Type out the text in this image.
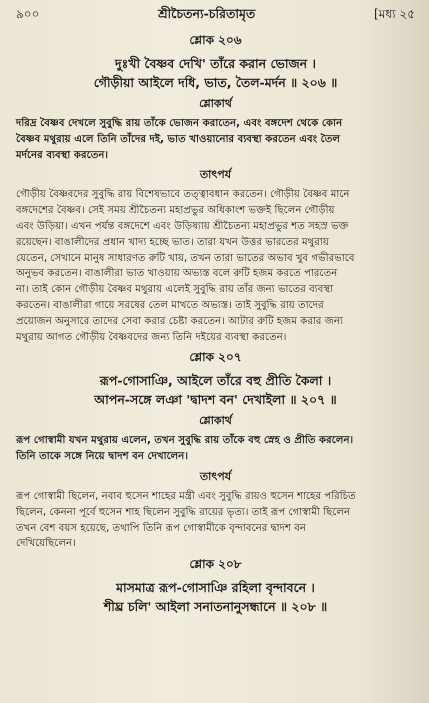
৯০০	শ্রীচৈতন্য-চরিতামৃত	[মধ্য ২৫
শ্লোক ২০৬
দুঃখী বৈষ্ণব দেখি' তাঁরে করান ভোজন ।
গৌড়ীয়া আইলে দধি, ভাত, তৈল-মর্দন ॥ ২০৬ ॥
শ্লোকার্থ
দরিদ্র বৈষ্ণব দেখলে সুবুদ্ধি রায় তাঁকে ভোজন করাতেন, এবং বঙ্গদেশ থেকে কোন
বৈষ্ণব মথুরায় এলে তিনি তাঁদের দই, ভাত খাওয়ানোর ব্যবস্থা করতেন এবং তৈল
মর্দনের ব্যবস্থা করতেন।
তাৎপর্য
গৌড়ীয় বৈষ্ণবদের সুবুদ্ধি রায় বিশেষভাবে তত্ত্বাবধান করতেন। গৌড়ীয় বৈষ্ণব মানে
বঙ্গদেশের বৈষ্ণব। সেই সময় শ্রীচৈতন্য মহাপ্রভুর অধিকাংশ ভক্তই ছিলেন গৌড়ীয়
এবং উড়িয়া। এখন পর্যন্ত বঙ্গদেশে এবং উড়িষ্যায় শ্রীচৈতন্য মহাপ্রভুর শত সহস্র ভক্ত
রয়েছেন। বাঙালীদের প্রধান খাদ্য হচ্ছে ভাত। তারা যখন উত্তর ভারতের মথুরায়
যেতেন, সেখানে মানুষ সাধারণত রুটি খায়, তখন তারা ভাতের অভাব খুব গভীরভাবে
অনুভব করতেন। বাঙালীরা ভাত খাওয়ায় অভ্যস্ত বলে রুটি হজম করতে পারতেন
না। তাই কোন গৌড়ীয় বৈষ্ণব মথুরায় এলেই সুবুদ্ধি রায় তাঁর জন্য ভাতের ব্যবস্থা
করতেন। বাঙালীরা গায়ে সরষের তেল মাখতে অভ্যস্ত। তাই সুবুদ্ধি রায় তাদের
প্রয়োজন অনুসারে তাদের সেবা করার চেষ্টা করতেন। আটার রুটি হজম করার জন্য
মথুরায় আগত গৌড়ীয় বৈষ্ণবদের জন্য তিনি দইয়ের ব্যবস্থা করতেন।
শ্লোক ২০৭
রূপ-গোসাঞি, আইলে তাঁরে বহু প্রীতি কৈলা ।
আপন-সঙ্গে লঞা 'দ্বাদশ বন' দেখাইলা ॥ ২০৭ ॥
শ্লোকার্থ
রূপ গোস্বামী যখন মথুরায় এলেন, তখন সুবুদ্ধি রায় তাঁকে বহু স্নেহ ও প্রীতি করলেন।
তিনি তাকে সঙ্গে নিয়ে দ্বাদশ বন দেখালেন।
তাৎপর্য
রূপ গোস্বামী ছিলেন, নবাব হুসেন শাহের মন্ত্রী এবং সুবুদ্ধি রায়ও হুসেন শাহের পরিচিত
ছিলেন, কেননা পূর্বে হুসেন শাহ ছিলেন সুবুদ্ধি রায়ের ভৃত্য। তাই রূপ গোস্বামী ছিলেন
তখন বেশ বয়স হয়েছে, তথাপি তিনি রূপ গোস্বামীকে বৃন্দাবনের দ্বাদশ বন
দেখিয়েছিলেন।
শ্লোক ২০৮
মাসমাত্র রূপ-গোসাঞি রহিলা বৃন্দাবনে ।
শীঘ্র চলি' আইলা সনাতনানুসন্ধানে ॥ ২০৮ ॥
